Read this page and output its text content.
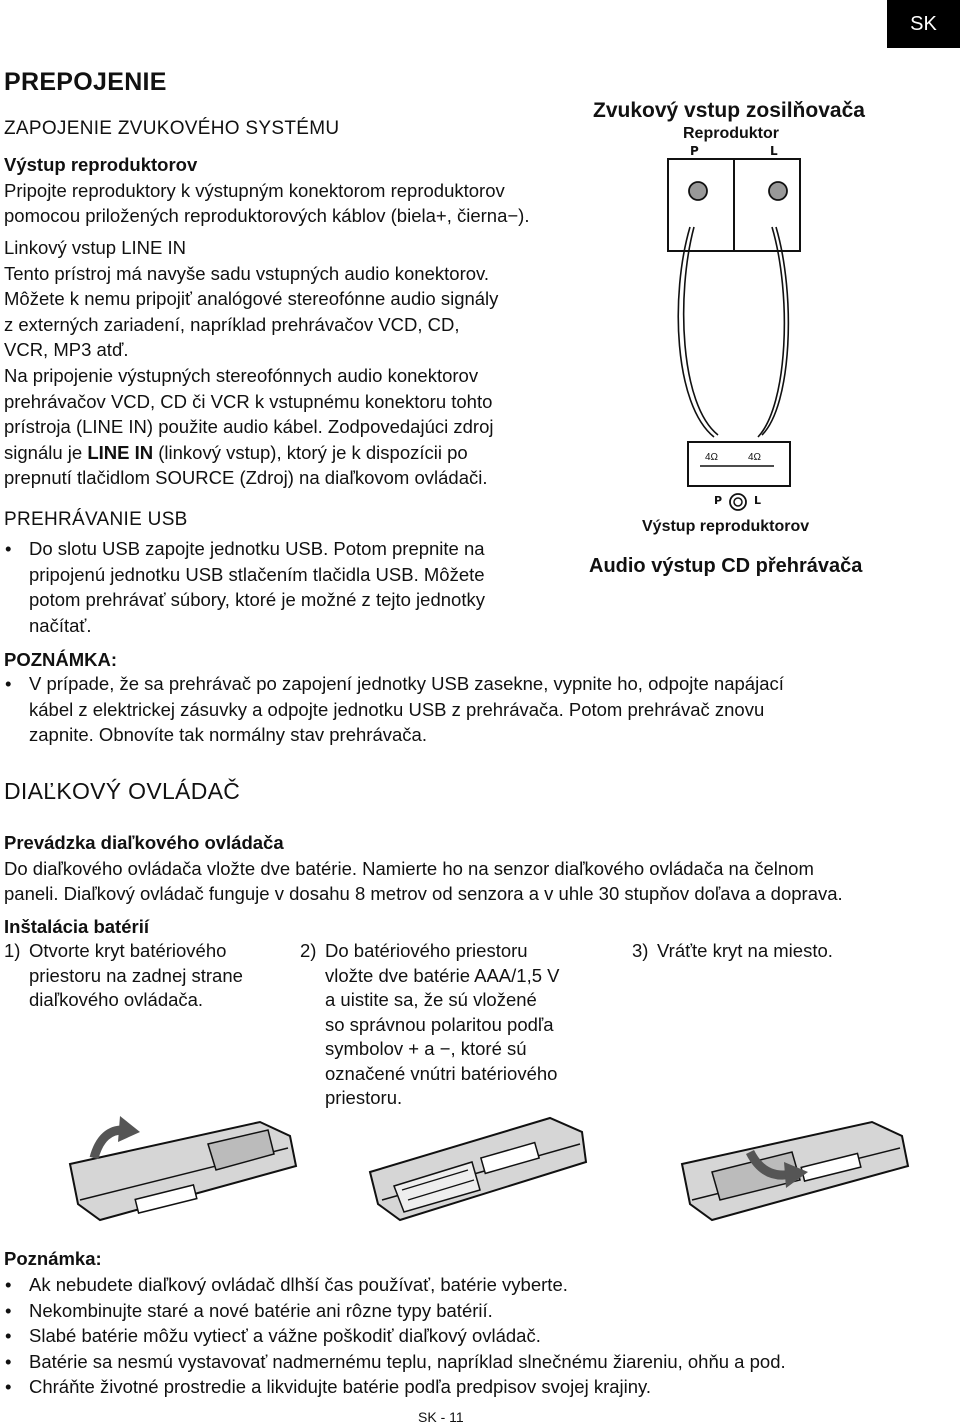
SK
PREPOJENIE
ZAPOJENIE ZVUKOVÉHO SYSTÉMU
Výstup reproduktorov
Pripojte reproduktory k výstupným konektorom reproduktorov
pomocou priložených reproduktorových káblov (biela+, čierna−).
Linkový vstup LINE IN
Tento prístroj má navyše sadu vstupných audio konektorov.
Môžete k nemu pripojiť analógové stereofónne audio signály
z externých zariadení, napríklad prehrávačov VCD, CD,
VCR, MP3 atď.
Na pripojenie výstupných stereofónnych audio konektorov
prehrávačov VCD, CD či VCR k vstupnému konektoru tohto
prístroja (LINE IN) použite audio kábel. Zodpovedajúci zdroj
signálu je LINE IN (linkový vstup), ktorý je k dispozícii po
prepnutí tlačidlom SOURCE (Zdroj) na diaľkovom ovládači.
Zvukový vstup zosilňovača
Reproduktor
P	L
4Ω	4Ω
P	L
Výstup reproduktorov
Audio výstup CD přehrávača
PREHRÁVANIE USB
• Do slotu USB zapojte jednotku USB. Potom prepnite na
pripojenú jednotku USB stlačením tlačidla USB. Môžete
potom prehrávať súbory, ktoré je možné z tejto jednotky
načítať.
POZNÁMKA:
• V prípade, že sa prehrávač po zapojení jednotky USB zasekne, vypnite ho, odpojte napájací
kábel z elektrickej zásuvky a odpojte jednotku USB z prehrávača. Potom prehrávač znovu
zapnite. Obnovíte tak normálny stav prehrávača.
DIAĽKOVÝ OVLÁDAČ
Prevádzka diaľkového ovládača
Do diaľkového ovládača vložte dve batérie. Namierte ho na senzor diaľkového ovládača na čelnom
paneli. Diaľkový ovládač funguje v dosahu 8 metrov od senzora a v uhle 30 stupňov doľava a doprava.
Inštalácia batérií
1) Otvorte kryt batériového
priestoru na zadnej strane
diaľkového ovládača.
2) Do batériového priestoru
vložte dve batérie AAA/1,5 V
a uistite sa, že sú vložené
so správnou polaritou podľa
symbolov + a −, ktoré sú
označené vnútri batériového
priestoru.
3) Vráťte kryt na miesto.
Poznámka:
• Ak nebudete diaľkový ovládač dlhší čas používať, batérie vyberte.
• Nekombinujte staré a nové batérie ani rôzne typy batérií.
• Slabé batérie môžu vytiecť a vážne poškodiť diaľkový ovládač.
• Batérie sa nesmú vystavovať nadmernému teplu, napríklad slnečnému žiareniu, ohňu a pod.
• Chráňte životné prostredie a likvidujte batérie podľa predpisov svojej krajiny.
SK - 11
